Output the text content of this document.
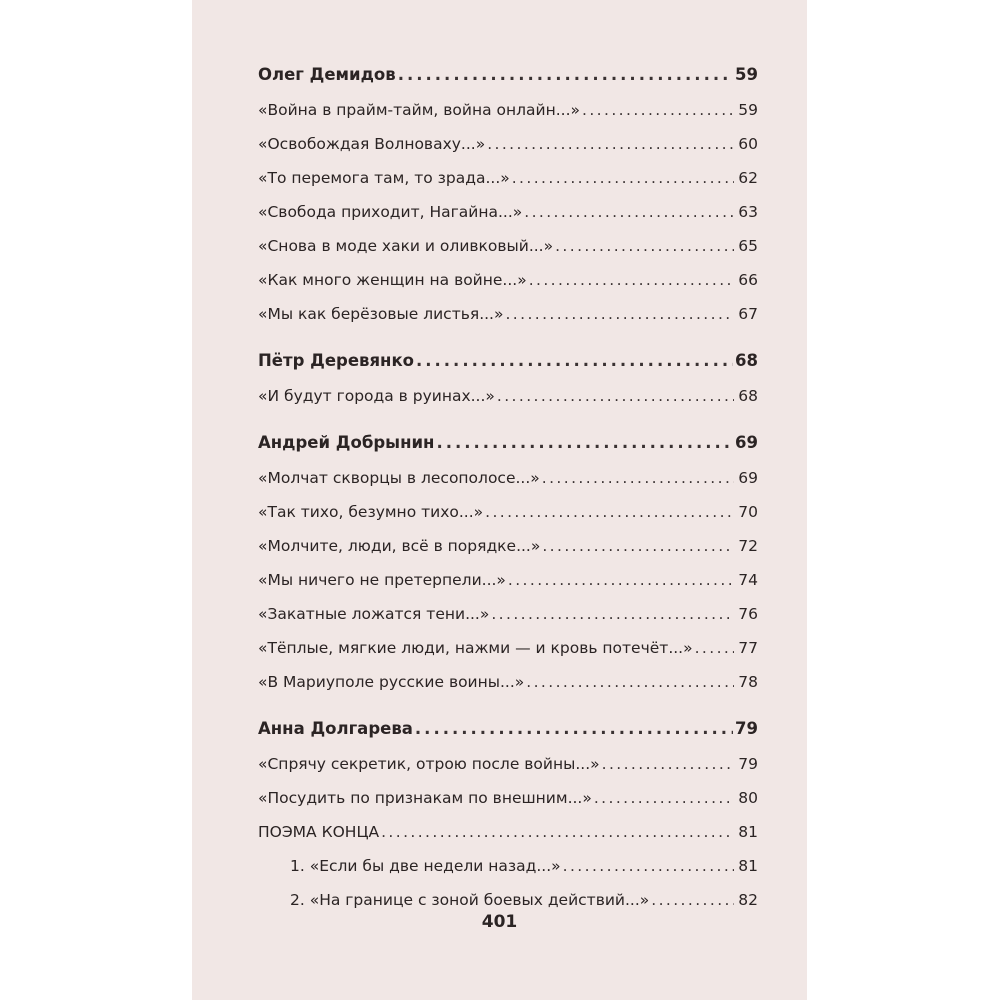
Олег Демидов .....	59
«Война в прайм-тайм, война онлайн...» .....	59
«Освобождая Волноваху...» .....	60
«То перемога там, то зрада...» .....	62
«Свобода приходит, Нагайна...» .....	63
«Снова в моде хаки и оливковый...» .....	65
«Как много женщин на войне...» .....	66
«Мы как берёзовые листья...» .....	67
Пётр Деревянко .....	68
«И будут города в руинах...» .....	68
Андрей Добрынин .....	69
«Молчат скворцы в лесополосе...» .....	69
«Так тихо, безумно тихо...» .....	70
«Молчите, люди, всё в порядке...» .....	72
«Мы ничего не претерпели...» .....	74
«Закатные ложатся тени...» .....	76
«Тёплые, мягкие люди, нажми — и кровь потечёт...» .....	77
«В Мариуполе русские воины...» .....	78
Анна Долгарева .....	79
«Спрячу секретик, отрою после войны...» .....	79
«Посудить по признакам по внешним...» .....	80
ПОЭМА КОНЦА .....	81
1. «Если бы две недели назад...» .....	81
2. «На границе с зоной боевых действий...» .....	82
401
